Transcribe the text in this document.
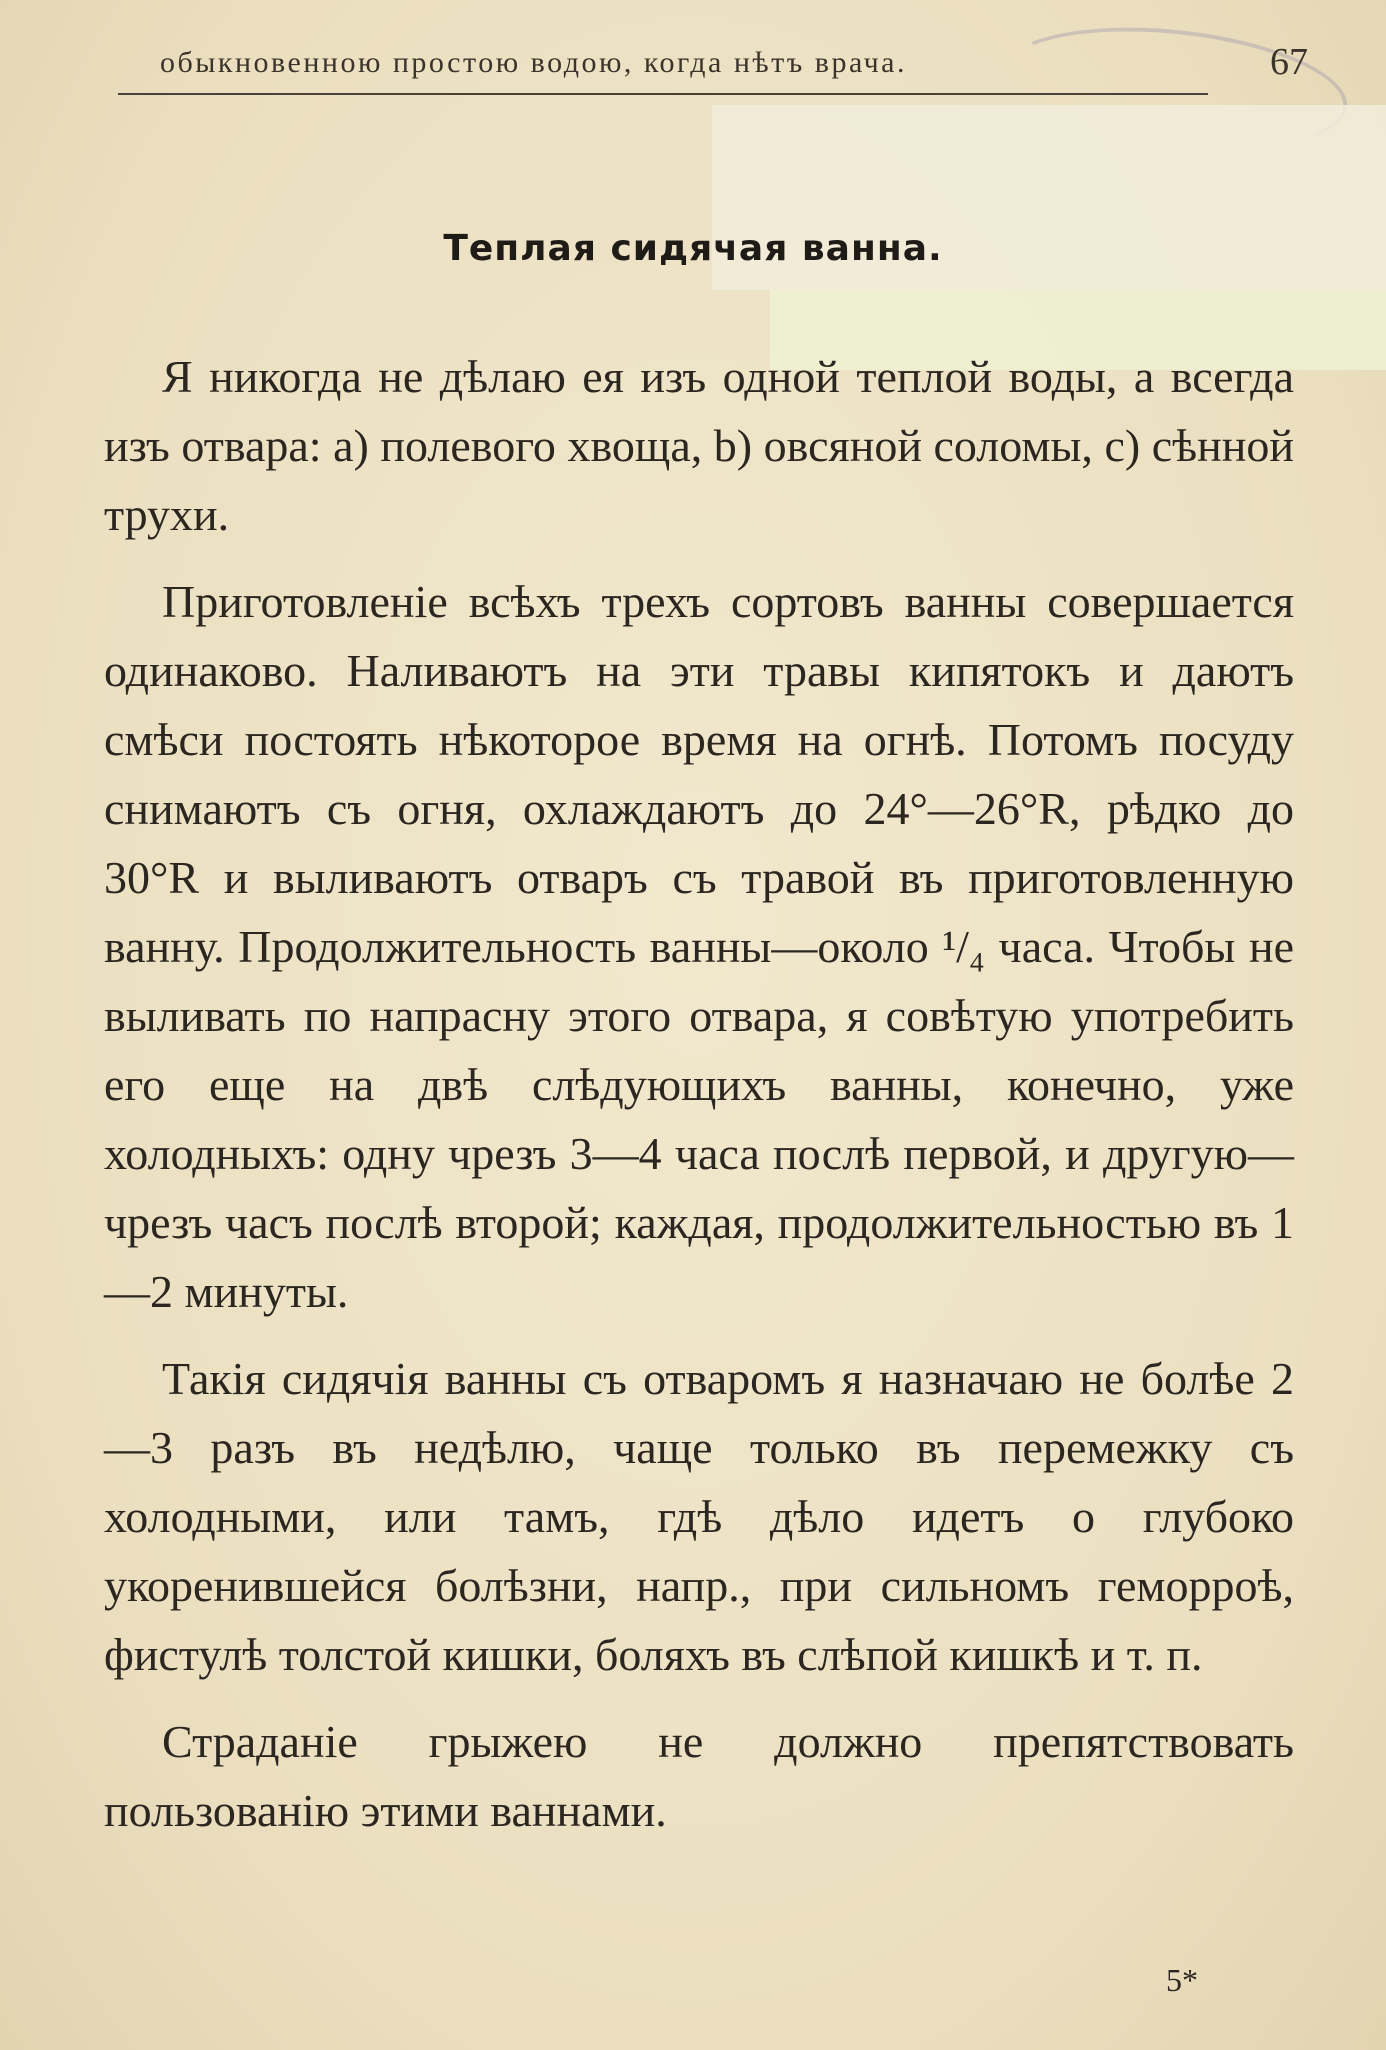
обыкновенною простою водою, когда нѣтъ врача.	67
Теплая сидячая ванна.

Я никогда не дѣлаю ея изъ одной теплой воды, а всегда изъ отвара: а) полевого хвоща, b) овсяной соломы, с) сѣнной трухи.

Приготовленіе всѣхъ трехъ сортовъ ванны совершается одинаково. Наливаютъ на эти травы кипятокъ и даютъ смѣси постоять нѣкоторое время на огнѣ. Потомъ посуду снимаютъ съ огня, охлаждаютъ до 24°—26°R, рѣдко до 30°R и выливаютъ отваръ съ травой въ приготовленную ванну. Продолжительность ванны—около ¹/₄ часа. Чтобы не выливать по напрасну этого отвара, я совѣтую употребить его еще на двѣ слѣдующихъ ванны, конечно, уже холодныхъ: одну чрезъ 3—4 часа послѣ первой, и другую—чрезъ часъ послѣ второй; каждая, продолжительностью въ 1—2 минуты.

Такія сидячія ванны съ отваромъ я назначаю не болѣе 2—3 разъ въ недѣлю, чаще только въ перемежку съ холодными, или тамъ, гдѣ дѣло идетъ о глубоко укоренившейся болѣзни, напр., при сильномъ геморроѣ, фистулѣ толстой кишки, боляхъ въ слѣпой кишкѣ и т. п.

Страданіе грыжею не должно препятствовать пользованію этими ваннами.

5*
